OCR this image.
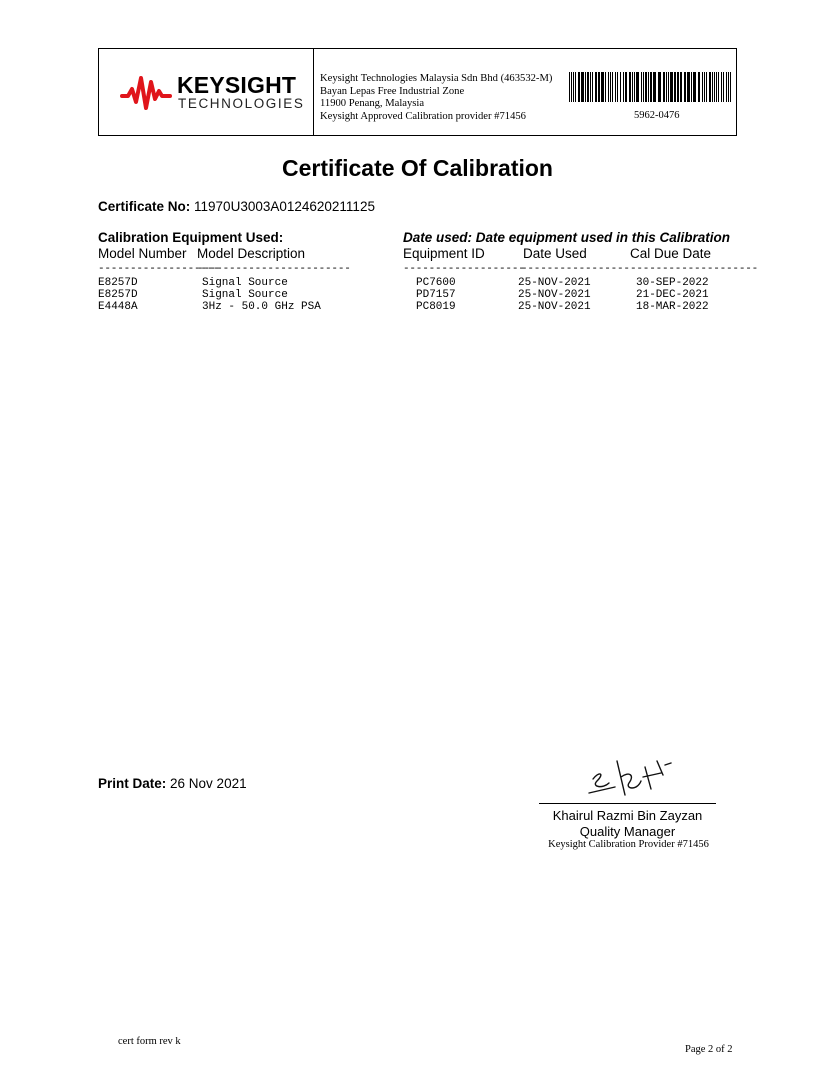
KEYSIGHT
TECHNOLOGIES
Keysight Technologies Malaysia Sdn Bhd (463532-M)
Bayan Lepas Free Industrial Zone
11900 Penang, Malaysia
Keysight Approved Calibration provider #71456	5962-0476
Certificate Of Calibration
Certificate No: 11970U3003A0124620211125
Calibration Equipment Used:	Date used: Date equipment used in this Calibration
Model Number Model Description	Equipment ID	Date Used	Cal Due Date
-------------------
------------------------	-------------------
----------------- --------------------
E8257D	Signal Source	PC7600	25-NOV-2021	30-SEP-2022
E8257D	Signal Source	PD7157	25-NOV-2021	21-DEC-2021
E4448A	3Hz - 50.0 GHz PSA	PC8019	25-NOV-2021	18-MAR-2022
Print Date: 26 Nov 2021
Khairul Razmi Bin Zayzan
Quality Manager
Keysight Calibration Provider #71456
cert form rev k
Page 2 of 2
